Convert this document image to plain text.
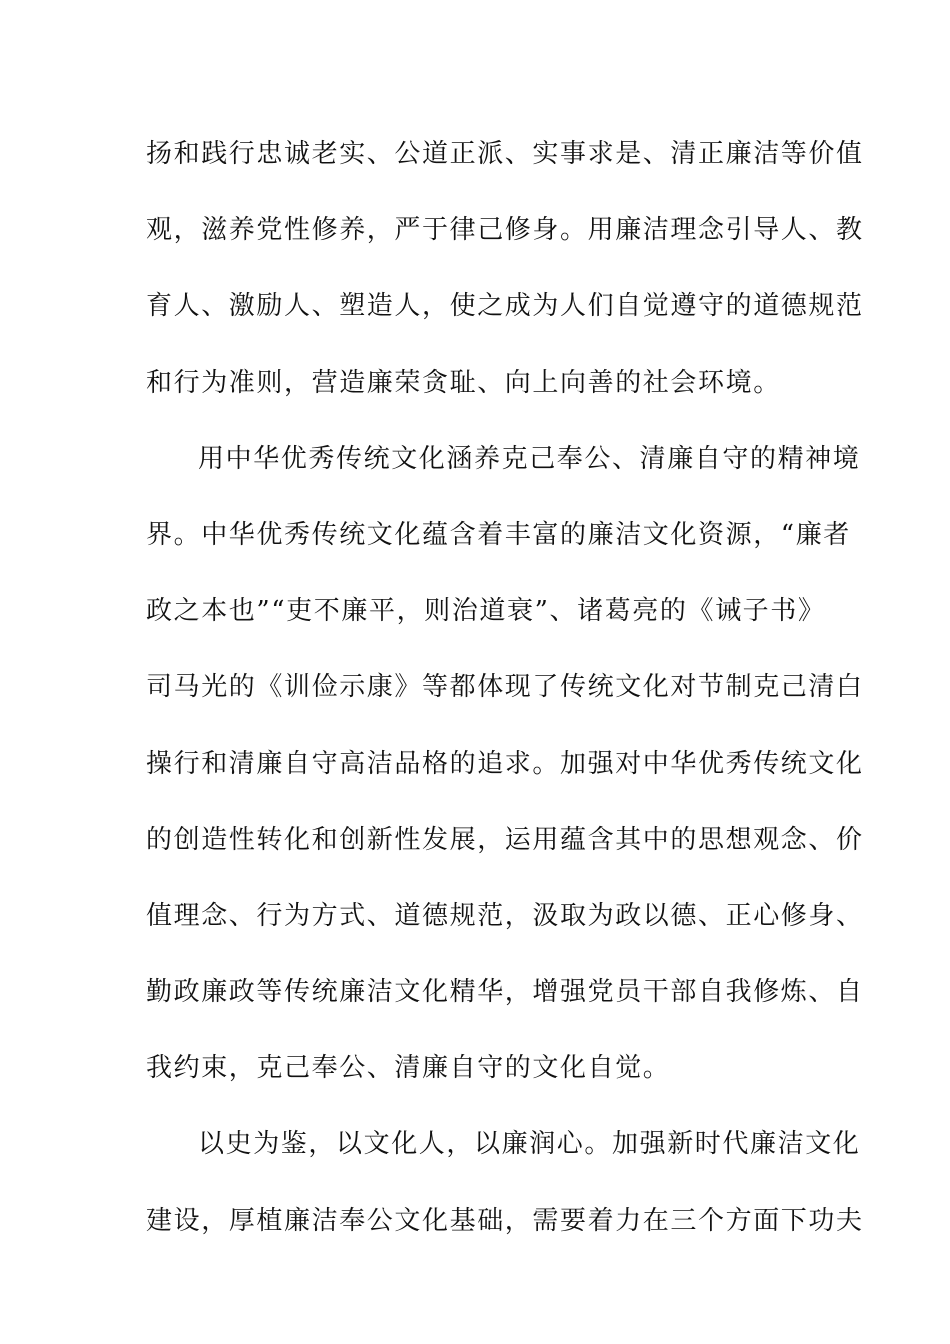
扬和践行忠诚老实、公道正派、实事求是、清正廉洁等价值
观，滋养党性修养，严于律己修身。用廉洁理念引导人、教
育人、激励人、塑造人，使之成为人们自觉遵守的道德规范
和行为准则，营造廉荣贪耻、向上向善的社会环境。
用中华优秀传统文化涵养克己奉公、清廉自守的精神境
界。中华优秀传统文化蕴含着丰富的廉洁文化资源，“廉者
政之本也”“吏不廉平，则治道衰”、诸葛亮的《诫子书》
司马光的《训俭示康》等都体现了传统文化对节制克己清白
操行和清廉自守高洁品格的追求。加强对中华优秀传统文化
的创造性转化和创新性发展，运用蕴含其中的思想观念、价
值理念、行为方式、道德规范，汲取为政以德、正心修身、
勤政廉政等传统廉洁文化精华，增强党员干部自我修炼、自
我约束，克己奉公、清廉自守的文化自觉。
以史为鉴，以文化人，以廉润心。加强新时代廉洁文化
建设，厚植廉洁奉公文化基础，需要着力在三个方面下功夫
